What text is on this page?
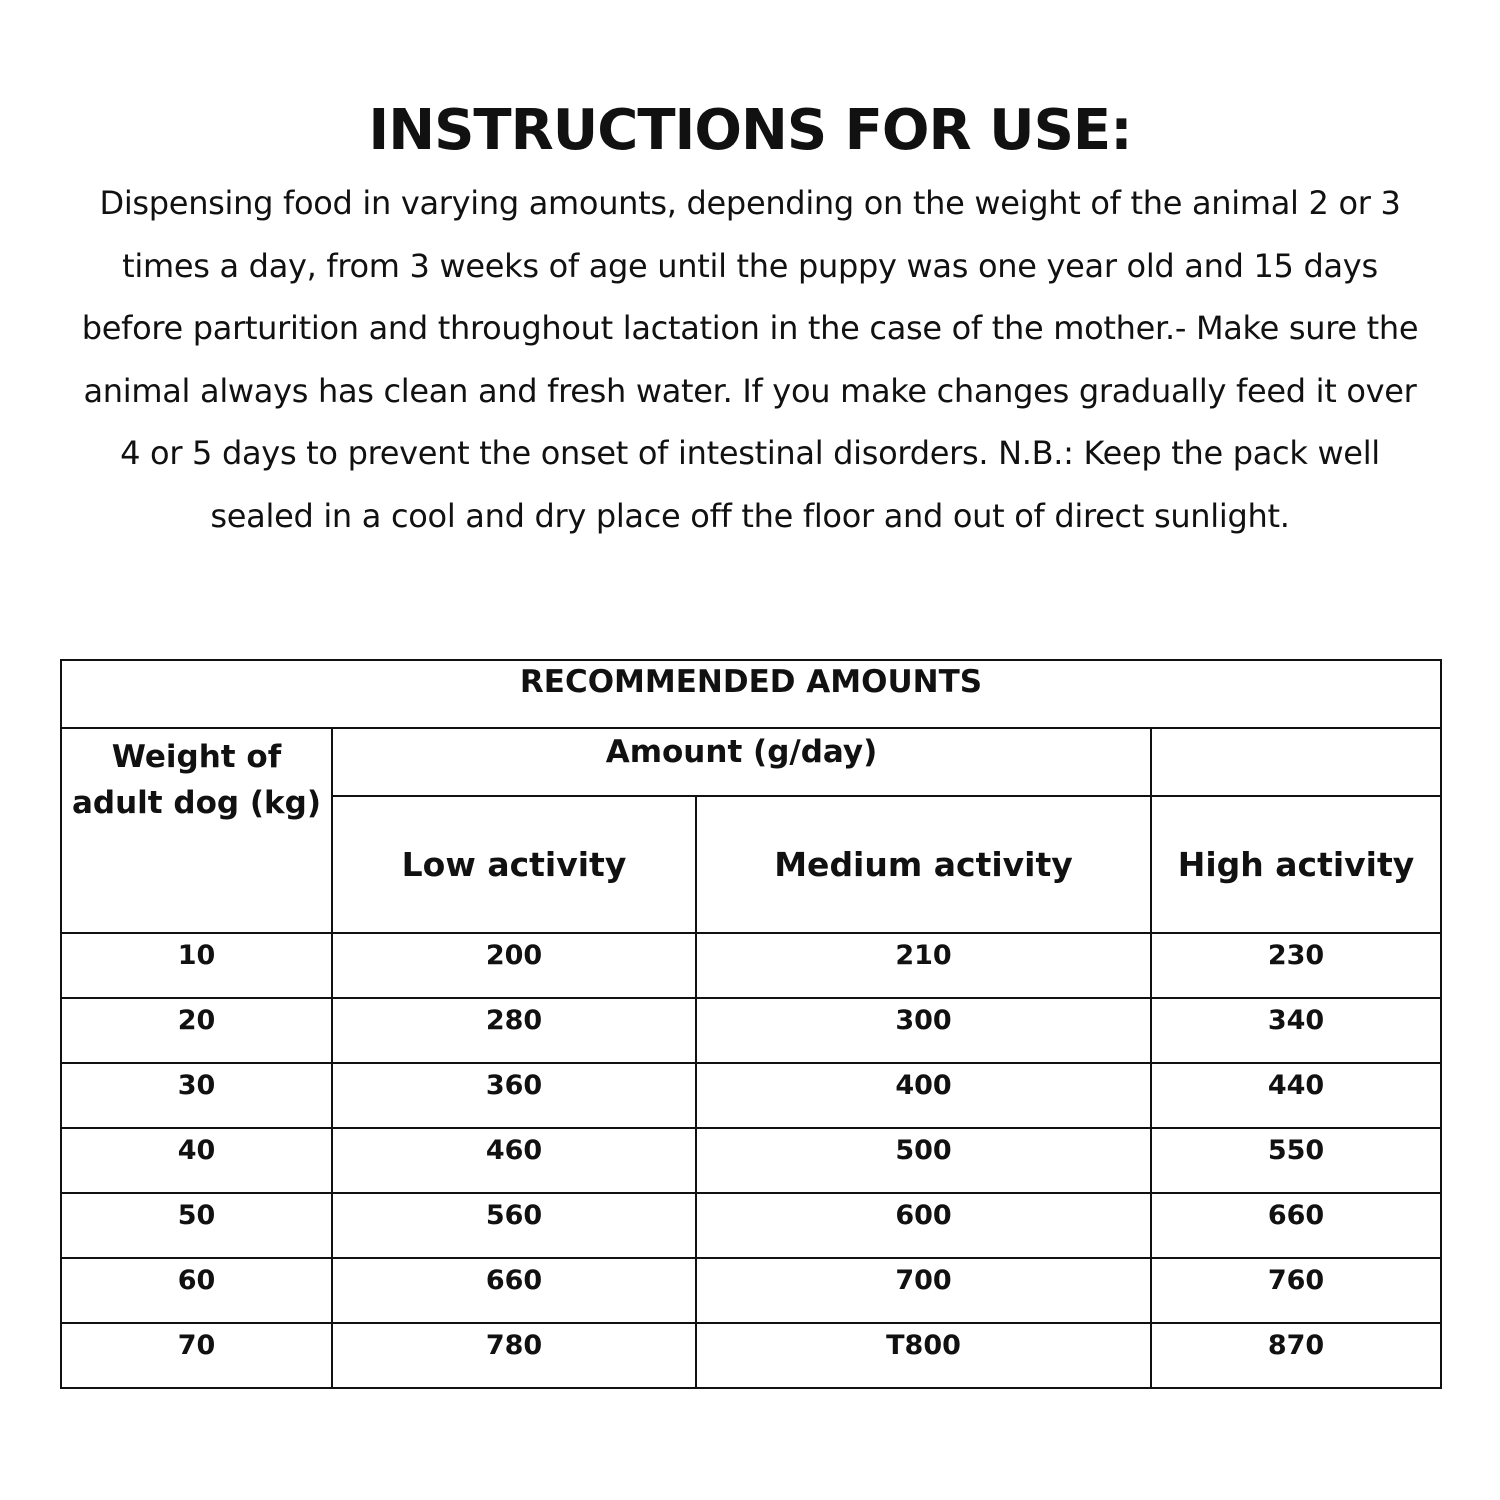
INSTRUCTIONS FOR USE:
Dispensing food in varying amounts, depending on the weight of the animal 2 or 3 times a day, from 3 weeks of age until the puppy was one year old and 15 days before parturition and throughout lactation in the case of the mother.- Make sure the animal always has clean and fresh water. If you make changes gradually feed it over 4 or 5 days to prevent the onset of intestinal disorders. N.B.: Keep the pack well sealed in a cool and dry place off the floor and out of direct sunlight.
RECOMMENDED AMOUNTS			
Weight of
adult dog (kg)	Amount (g/day)		
	Low activity	Medium activity	High activity
10	200	210	230
20	280	300	340
30	360	400	440
40	460	500	550
50	560	600	660
60	660	700	760
70	780	T800	870
